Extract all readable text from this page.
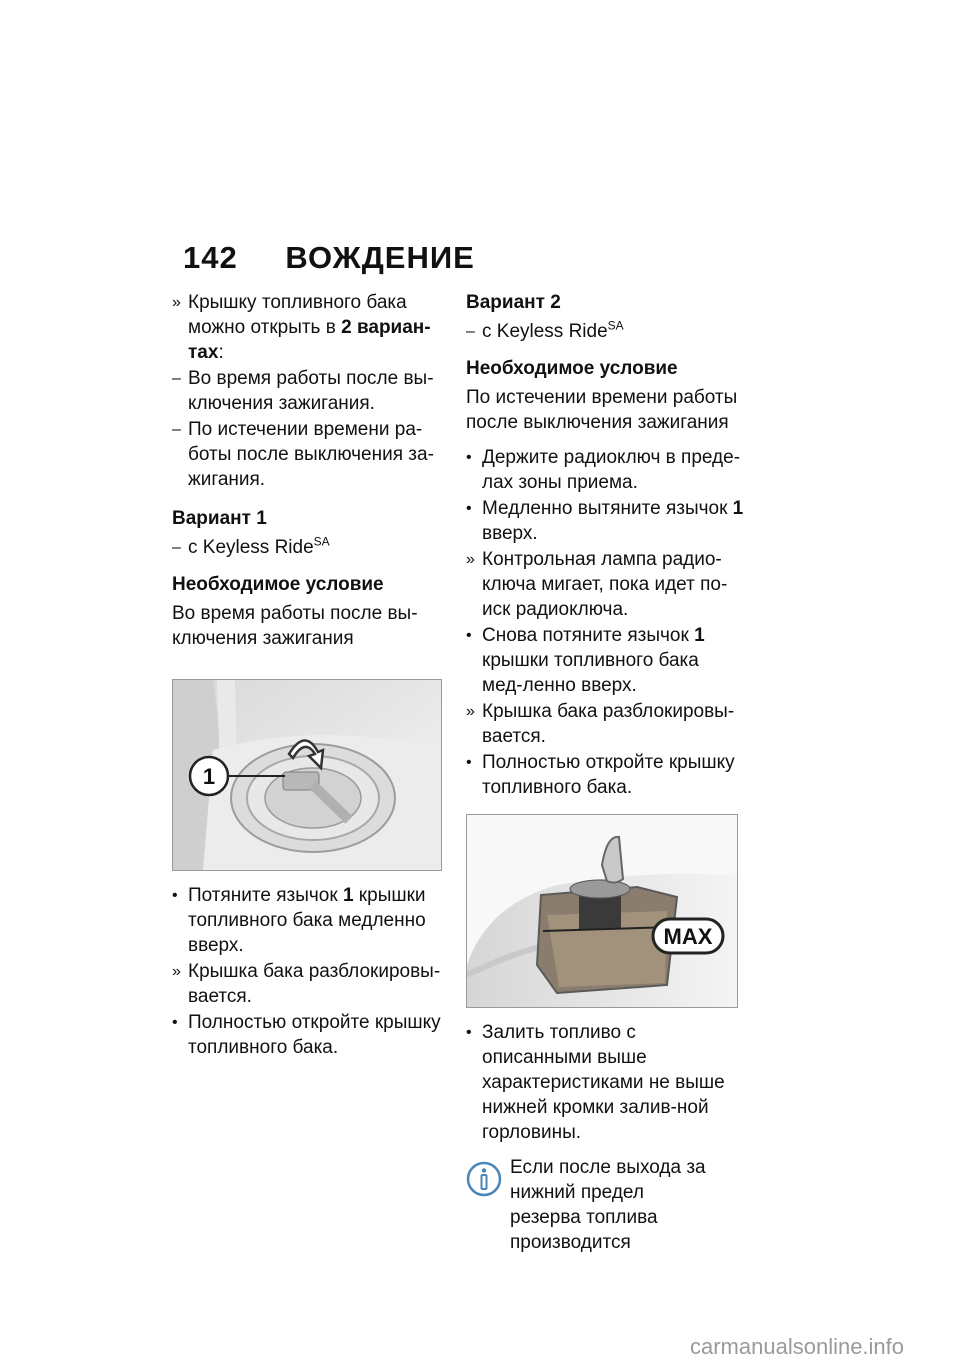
142 ВОЖДЕНИЕ
» Крышку топливного бака можно открыть в 2 вариан-тах:
– Во время работы после вы-ключения зажигания.
– По истечении времени ра-боты после выключения за-жигания.
Вариант 1
– с Keyless Ride$^{SA}$
Необходимое условие
Во время работы после вы-ключения зажигания
1
• Потяните язычок 1 крышки топливного бака медленно вверх.
» Крышка бака разблокировы-вается.
• Полностью откройте крышку топливного бака.
Вариант 2
– с Keyless Ride$^{SA}$
Необходимое условие
По истечении времени работы после выключения зажигания
• Держите радиоключ в преде-лах зоны приема.
• Медленно вытяните язычок 1 вверх.
» Контрольная лампа радио-ключа мигает, пока идет по-иск радиоключа.
• Снова потяните язычок 1 крышки топливного бака мед-ленно вверх.
» Крышка бака разблокировы-вается.
• Полностью откройте крышку топливного бака.
MAX
• Залить топливо с описанными выше характеристиками не выше нижней кромки залив-ной горловины.
Если после выхода за нижний предел резерва топлива производится
carmanualsonline.info
